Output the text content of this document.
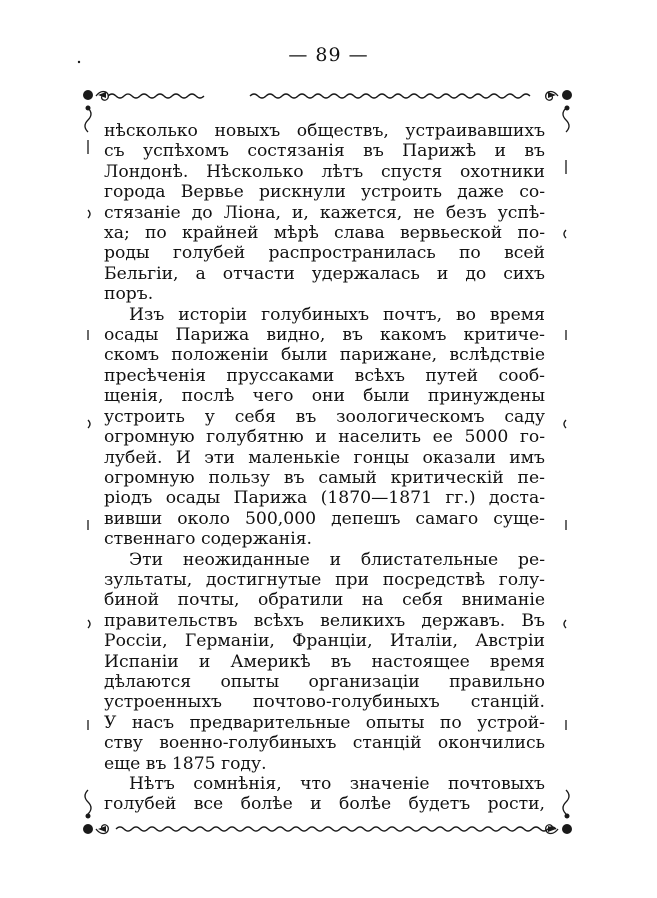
— 89 —

нѣсколько новыхъ обществъ, устраивавшихъ

съ успѣхомъ состязанія въ Парижѣ и въ

Лондонѣ. Нѣсколько лѣтъ спустя охотники

города Вервье рискнули устроить даже со-

стязаніе до Ліона, и, кажется, не безъ успѣ-

ха; по крайней мѣрѣ слава вервьеской по-

роды голубей распространилась по всей

Бельгіи, а отчасти удержалась и до сихъ

поръ.

Изъ исторіи голубиныхъ почтъ, во время

осады Парижа видно, въ какомъ критиче-

скомъ положеніи были парижане, вслѣдствіе

пресѣченія пруссаками всѣхъ путей сооб-

щенія, послѣ чего они были принуждены

устроить у себя въ зоологическомъ саду

огромную голубятню и населить ее 5000 го-

лубей. И эти маленькіе гонцы оказали имъ

огромную пользу въ самый критическій пе-

ріодъ осады Парижа (1870—1871 гг.) доста-

вивши около 500,000 депешъ самаго суще-

ственнаго содержанія.

Эти неожиданные и блистательные ре-

зультаты, достигнутые при посредствѣ голу-

биной почты, обратили на себя вниманіе

правительствъ всѣхъ великихъ державъ. Въ

Россіи, Германіи, Франціи, Италіи, Австріи

Испаніи и Америкѣ въ настоящее время

дѣлаются опыты организаціи правильно

устроенныхъ почтово-голубиныхъ станцій.

У насъ предварительные опыты по устрой-

ству военно-голубиныхъ станцій окончились

еще въ 1875 году.

Нѣтъ сомнѣнія, что значеніе почтовыхъ

голубей все болѣе и болѣе будетъ рости,
